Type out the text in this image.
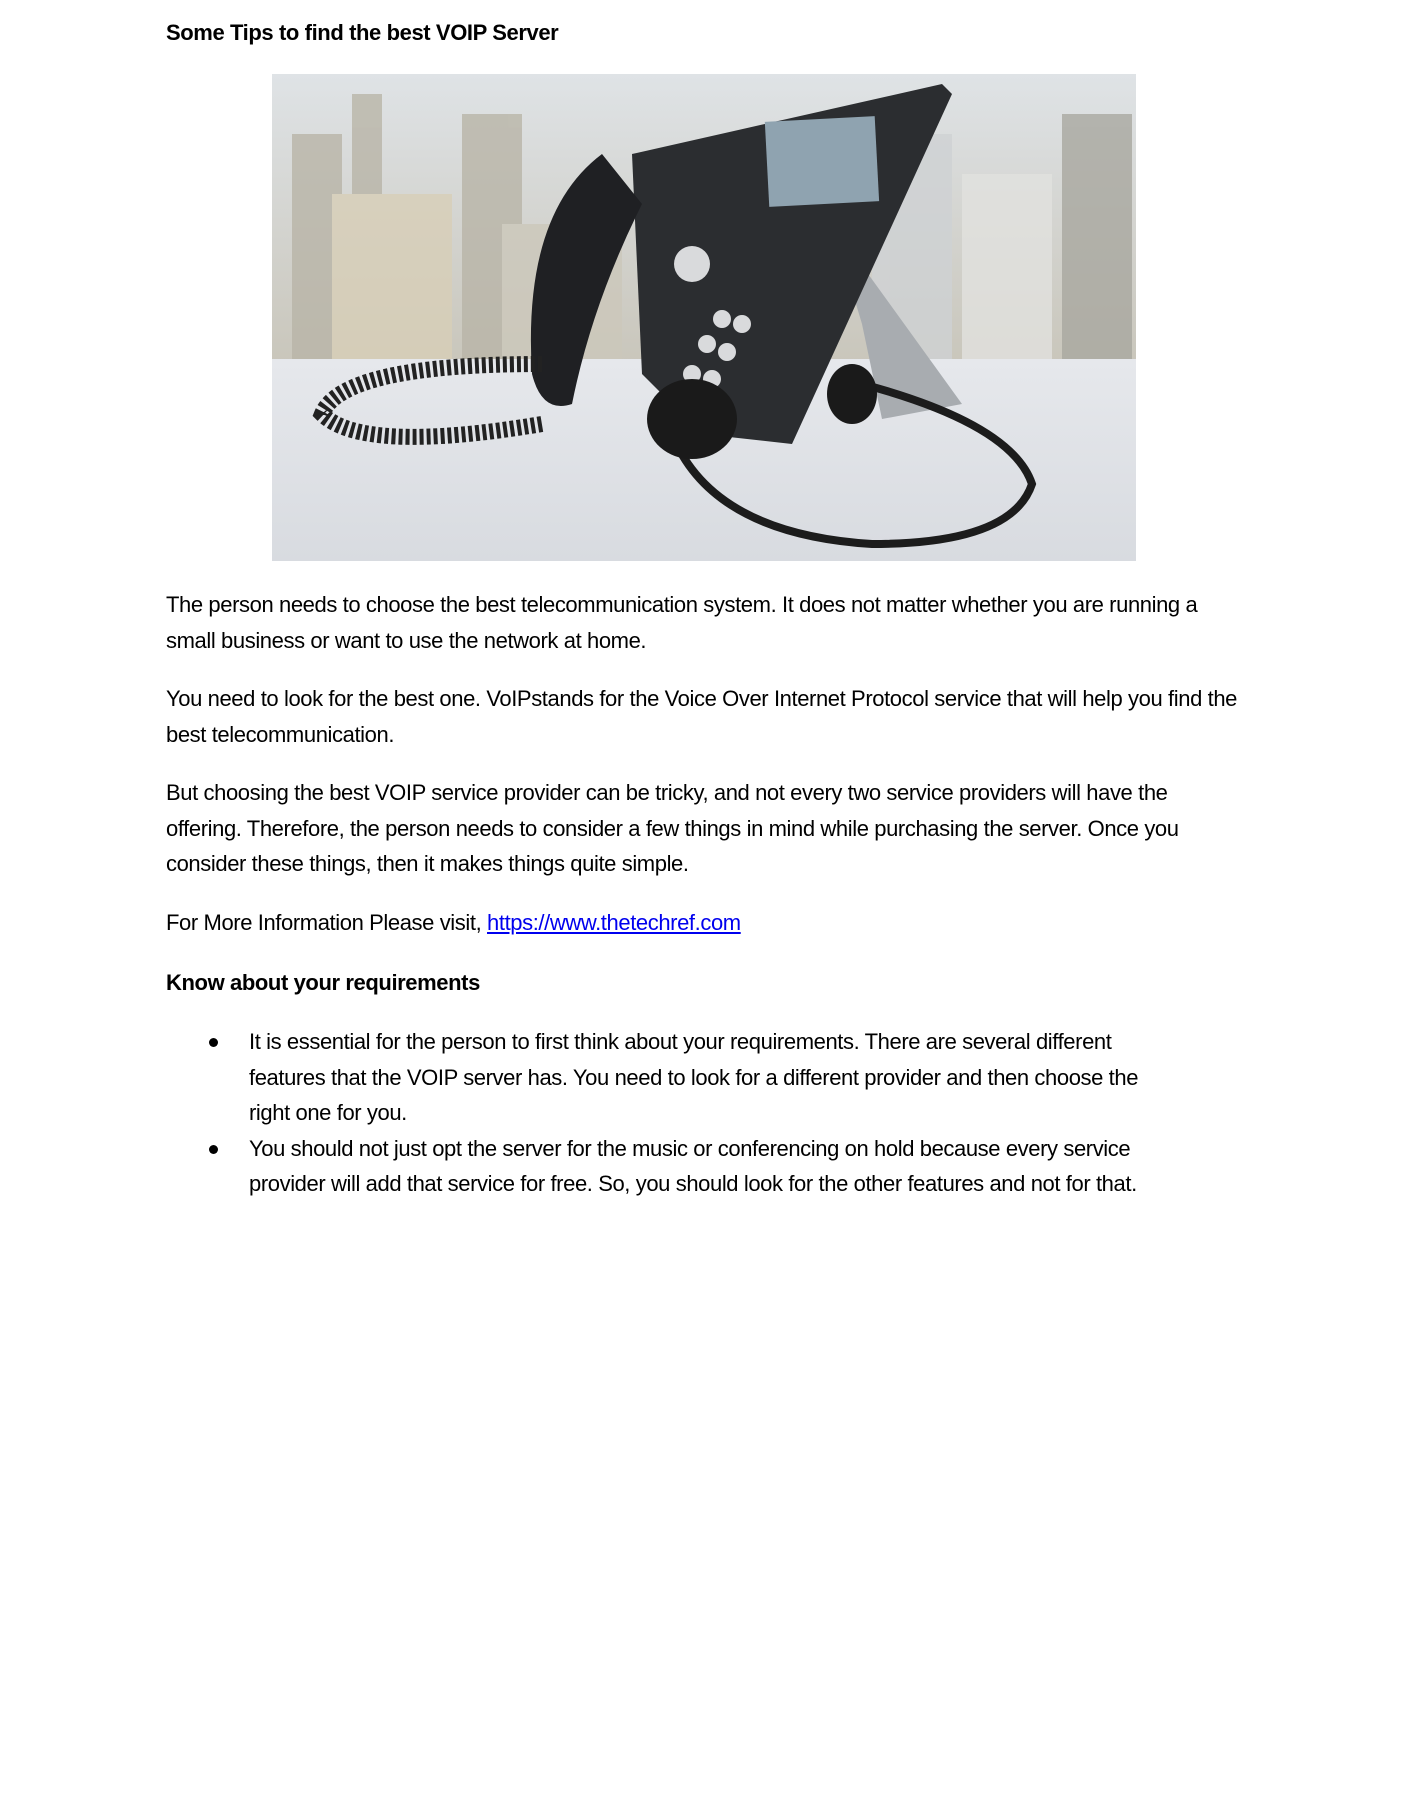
Some Tips to find the best VOIP Server

The person needs to choose the best telecommunication system. It does not matter whether you are running a small business or want to use the network at home.

You need to look for the best one. VoIPstands for the Voice Over Internet Protocol service that will help you find the best telecommunication.

But choosing the best VOIP service provider can be tricky, and not every two service providers will have the offering. Therefore, the person needs to consider a few things in mind while purchasing the server. Once you consider these things, then it makes things quite simple.

For More Information Please visit, https://www.thetechref.com

Know about your requirements

It is essential for the person to first think about your requirements. There are several different features that the VOIP server has. You need to look for a different provider and then choose the right one for you.
You should not just opt the server for the music or conferencing on hold because every service provider will add that service for free. So, you should look for the other features and not for that.
